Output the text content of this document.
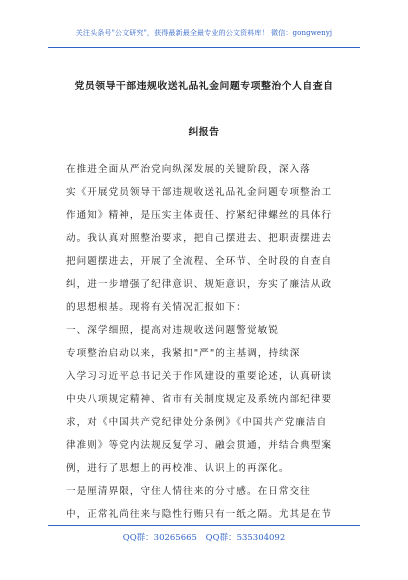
关注头条号"公文研究"，获得最新最全最专业的公文资料库！ 微信：gongwenyj
党员领导干部违规收送礼品礼金问题专项整治个人自查自
纠报告
在推进全面从严治党向纵深发展的关键阶段，深入落
实《开展党员领导干部违规收送礼品礼金问题专项整治工
作通知》精神，是压实主体责任、拧紧纪律螺丝的具体行
动。我认真对照整治要求，把自己摆进去、把职责摆进去
把问题摆进去，开展了全流程、全环节、全时段的自查自
纠，进一步增强了纪律意识、规矩意识，夯实了廉洁从政
的思想根基。现将有关情况汇报如下：
一、深学细照，提高对违规收送问题警觉敏锐
专项整治启动以来，我紧扣"严"的主基调，持续深
入学习习近平总书记关于作风建设的重要论述，认真研读
中央八项规定精神、省市有关制度规定及系统内部纪律要
求，对《中国共产党纪律处分条例》《中国共产党廉洁自
律准则》等党内法规反复学习、融会贯通，并结合典型案
例，进行了思想上的再校准、认识上的再深化。
一是厘清界限，守住人情往来的分寸感。在日常交往
中，正常礼尚往来与隐性行贿只有一纸之隔。尤其是在节
QQ群：30265665 QQ群：535304092
